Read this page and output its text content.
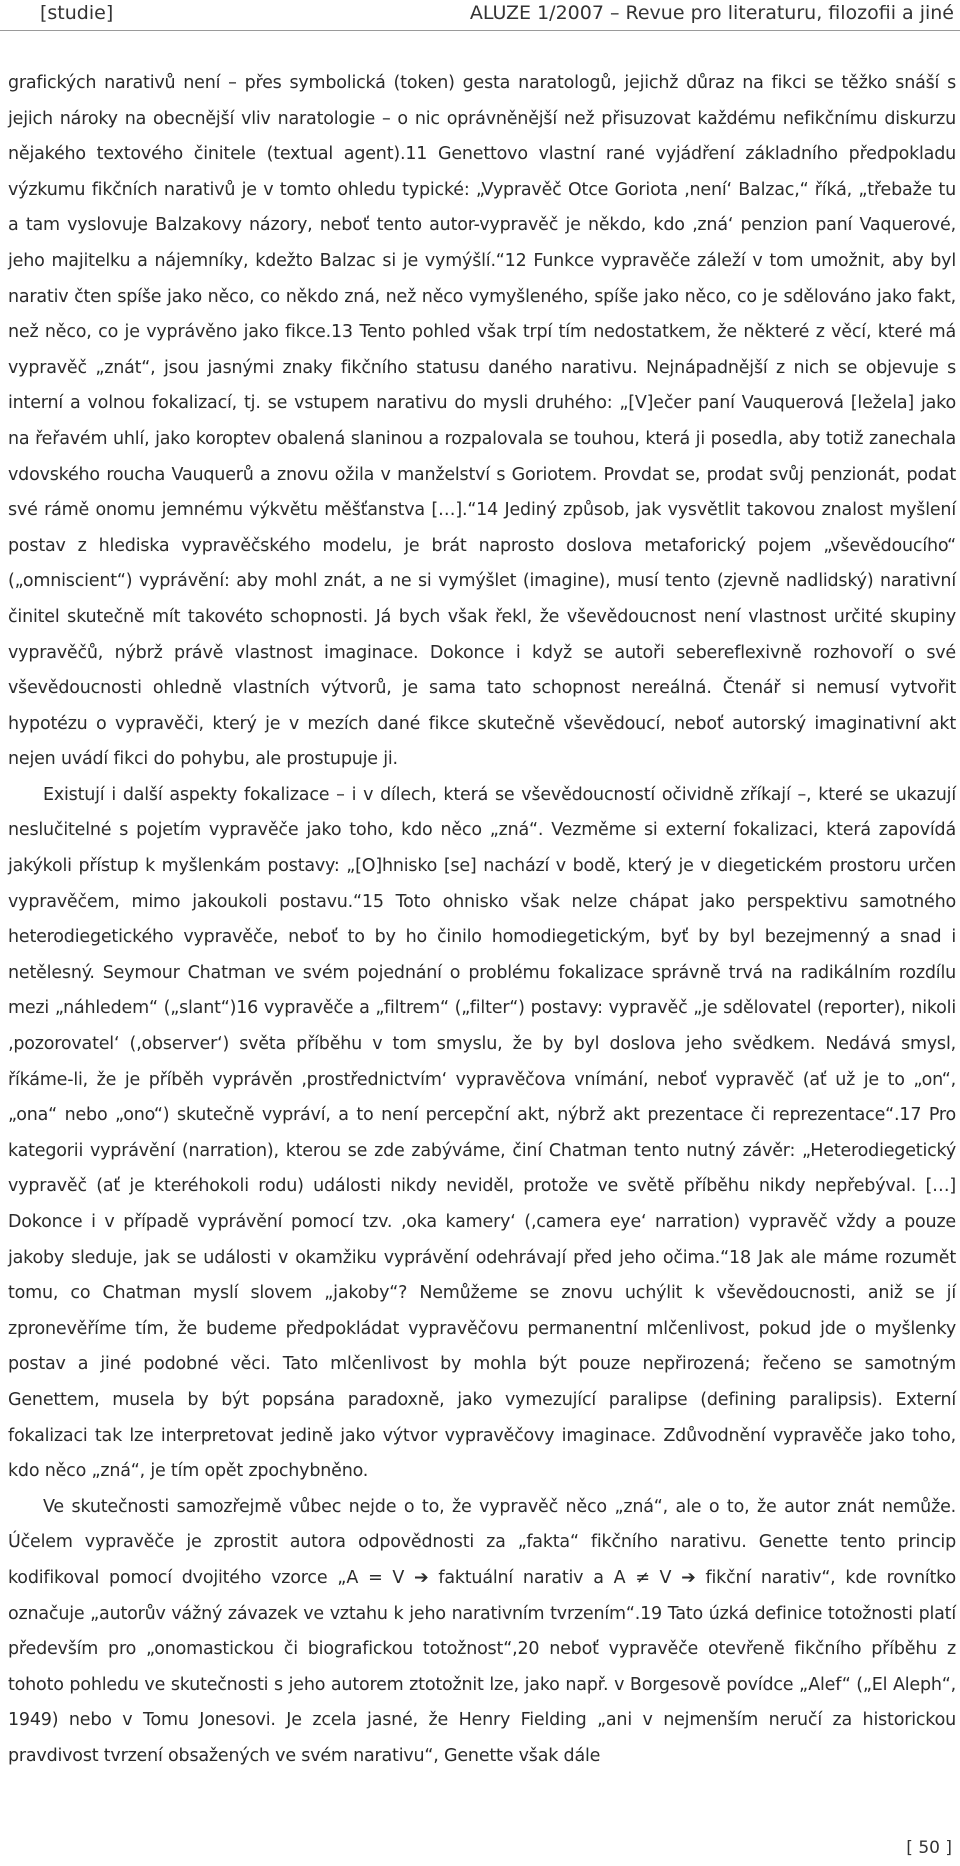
[studie]	ALUZE 1/2007 – Revue pro literaturu, filozofii a jiné

grafických narativů není – přes symbolická (token) gesta naratologů, jejichž důraz na fikci se těžko snáší s jejich nároky na obecnější vliv naratologie – o nic oprávněnější než přisuzovat každému nefikčnímu diskurzu nějakého textového činitele (textual agent).11 Genettovo vlastní rané vyjádření základního předpokladu výzkumu fikčních narativů je v tomto ohledu typické: „Vypravěč Otce Goriota ‚není‘ Balzac,“ říká, „třebaže tu a tam vyslovuje Balzakovy názory, neboť tento autor-vypravěč je někdo, kdo ‚zná‘ penzion paní Vaquerové, jeho majitelku a nájemníky, kdežto Balzac si je vymýšlí.“12 Funkce vypravěče záleží v tom umožnit, aby byl narativ čten spíše jako něco, co někdo zná, než něco vymyšleného, spíše jako něco, co je sdělováno jako fakt, než něco, co je vyprávěno jako fikce.13 Tento pohled však trpí tím nedostatkem, že některé z věcí, které má vypravěč „znát“, jsou jasnými znaky fikčního statusu daného narativu. Nejnápadnější z nich se objevuje s interní a volnou fokalizací, tj. se vstupem narativu do mysli druhého: „[V]ečer paní Vauquerová [ležela] jako na řeřavém uhlí, jako koroptev obalená slaninou a rozpalovala se touhou, která ji posedla, aby totiž zanechala vdovského roucha Vauquerů a znovu ožila v manželství s Goriotem. Provdat se, prodat svůj penzionát, podat své rámě onomu jemnému výkvětu měšťanstva […].“14 Jediný způsob, jak vysvětlit takovou znalost myšlení postav z hlediska vypravěčského modelu, je brát naprosto doslova metaforický pojem „vševědoucího“ („omniscient“) vyprávění: aby mohl znát, a ne si vymýšlet (imagine), musí tento (zjevně nadlidský) narativní činitel skutečně mít takovéto schopnosti. Já bych však řekl, že vševědoucnost není vlastnost určité skupiny vypravěčů, nýbrž právě vlastnost imaginace. Dokonce i když se autoři sebereflexivně rozhovoří o své vševědoucnosti ohledně vlastních výtvorů, je sama tato schopnost nereálná. Čtenář si nemusí vytvořit hypotézu o vypravěči, který je v mezích dané fikce skutečně vševědoucí, neboť autorský imaginativní akt nejen uvádí fikci do pohybu, ale prostupuje ji.

Existují i další aspekty fokalizace – i v dílech, která se vševědoucností očividně zříkají –, které se ukazují neslučitelné s pojetím vypravěče jako toho, kdo něco „zná“. Vezměme si externí fokalizaci, která zapovídá jakýkoli přístup k myšlenkám postavy: „[O]hnisko [se] nachází v bodě, který je v diegetickém prostoru určen vypravěčem, mimo jakoukoli postavu.“15 Toto ohnisko však nelze chápat jako perspektivu samotného heterodiegetického vypravěče, neboť to by ho činilo homodiegetickým, byť by byl bezejmenný a snad i netělesný. Seymour Chatman ve svém pojednání o problému fokalizace správně trvá na radikálním rozdílu mezi „náhledem“ („slant“)16 vypravěče a „filtrem“ („filter“) postavy: vypravěč „je sdělovatel (reporter), nikoli ‚pozorovatel‘ (‚observer‘) světa příběhu v tom smyslu, že by byl doslova jeho svědkem. Nedává smysl, říkáme-li, že je příběh vyprávěn ‚prostřednictvím‘ vypravěčova vnímání, neboť vypravěč (ať už je to „on“, „ona“ nebo „ono“) skutečně vypráví, a to není percepční akt, nýbrž akt prezentace či reprezentace“.17 Pro kategorii vyprávění (narration), kterou se zde zabýváme, činí Chatman tento nutný závěr: „Heterodiegetický vypravěč (ať je kteréhokoli rodu) události nikdy neviděl, protože ve světě příběhu nikdy nepřebýval. […] Dokonce i v případě vyprávění pomocí tzv. ‚oka kamery‘ (‚camera eye‘ narration) vypravěč vždy a pouze jakoby sleduje, jak se události v okamžiku vyprávění odehrávají před jeho očima.“18 Jak ale máme rozumět tomu, co Chatman myslí slovem „jakoby“? Nemůžeme se znovu uchýlit k vševědoucnosti, aniž se jí zpronevěříme tím, že budeme předpokládat vypravěčovu permanentní mlčenlivost, pokud jde o myšlenky postav a jiné podobné věci. Tato mlčenlivost by mohla být pouze nepřirozená; řečeno se samotným Genettem, musela by být popsána paradoxně, jako vymezující paralipse (defining paralipsis). Externí fokalizaci tak lze interpretovat jedině jako výtvor vypravěčovy imaginace. Zdůvodnění vypravěče jako toho, kdo něco „zná“, je tím opět zpochybněno.

Ve skutečnosti samozřejmě vůbec nejde o to, že vypravěč něco „zná“, ale o to, že autor znát nemůže. Účelem vypravěče je zprostit autora odpovědnosti za „fakta“ fikčního narativu. Genette tento princip kodifikoval pomocí dvojitého vzorce „A = V ➔ faktuální narativ a A ≠ V ➔ fikční narativ“, kde rovnítko označuje „autorův vážný závazek ve vztahu k jeho narativním tvrzením“.19 Tato úzká definice totožnosti platí především pro „onomastickou či biografickou totožnost“,20 neboť vypravěče otevřeně fikčního příběhu z tohoto pohledu ve skutečnosti s jeho autorem ztotožnit lze, jako např. v Borgesově povídce „Alef“ („El Aleph“, 1949) nebo v Tomu Jonesovi. Je zcela jasné, že Henry Fielding „ani v nejmenším neručí za historickou pravdivost tvrzení obsažených ve svém narativu“, Genette však dále

[ 50 ]
